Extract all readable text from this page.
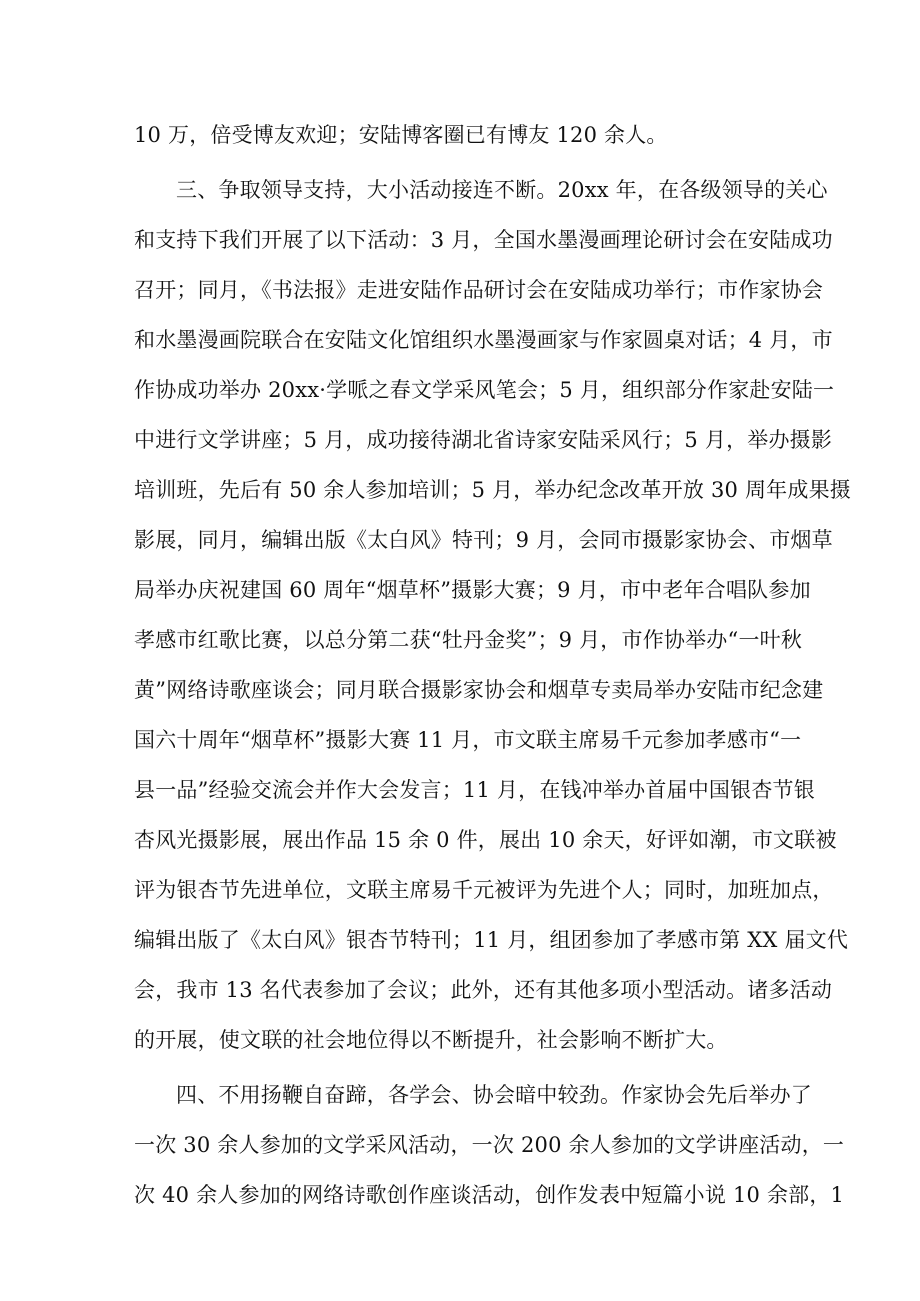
10 万，倍受博友欢迎；安陆博客圈已有博友 120 余人。
三、争取领导支持，大小活动接连不断。20xx 年，在各级领导的关心
和支持下我们开展了以下活动：3 月，全国水墨漫画理论研讨会在安陆成功
召开；同月，《书法报》走进安陆作品研讨会在安陆成功举行；市作家协会
和水墨漫画院联合在安陆文化馆组织水墨漫画家与作家圆桌对话；4 月，市
作协成功举办 20xx·学哌之春文学采风笔会；5 月，组织部分作家赴安陆一
中进行文学讲座；5 月，成功接待湖北省诗家安陆采风行；5 月，举办摄影
培训班，先后有 50 余人参加培训；5 月，举办纪念改革开放 30 周年成果摄
影展，同月，编辑出版《太白风》特刊；9 月，会同市摄影家协会、市烟草
局举办庆祝建国 60 周年“烟草杯”摄影大赛；9 月，市中老年合唱队参加
孝感市红歌比赛，以总分第二获“牡丹金奖”；9 月，市作协举办“一叶秋
黄”网络诗歌座谈会；同月联合摄影家协会和烟草专卖局举办安陆市纪念建
国六十周年“烟草杯”摄影大赛 11 月，市文联主席易千元参加孝感市“一
县一品”经验交流会并作大会发言；11 月，在钱冲举办首届中国银杏节银
杏风光摄影展，展出作品 15 余 0 件，展出 10 余天，好评如潮，市文联被
评为银杏节先进单位，文联主席易千元被评为先进个人；同时，加班加点，
编辑出版了《太白风》银杏节特刊；11 月，组团参加了孝感市第 XX 届文代
会，我市 13 名代表参加了会议；此外，还有其他多项小型活动。诸多活动
的开展，使文联的社会地位得以不断提升，社会影响不断扩大。
四、不用扬鞭自奋蹄，各学会、协会暗中较劲。作家协会先后举办了
一次 30 余人参加的文学采风活动，一次 200 余人参加的文学讲座活动，一
次 40 余人参加的网络诗歌创作座谈活动，创作发表中短篇小说 10 余部，1
